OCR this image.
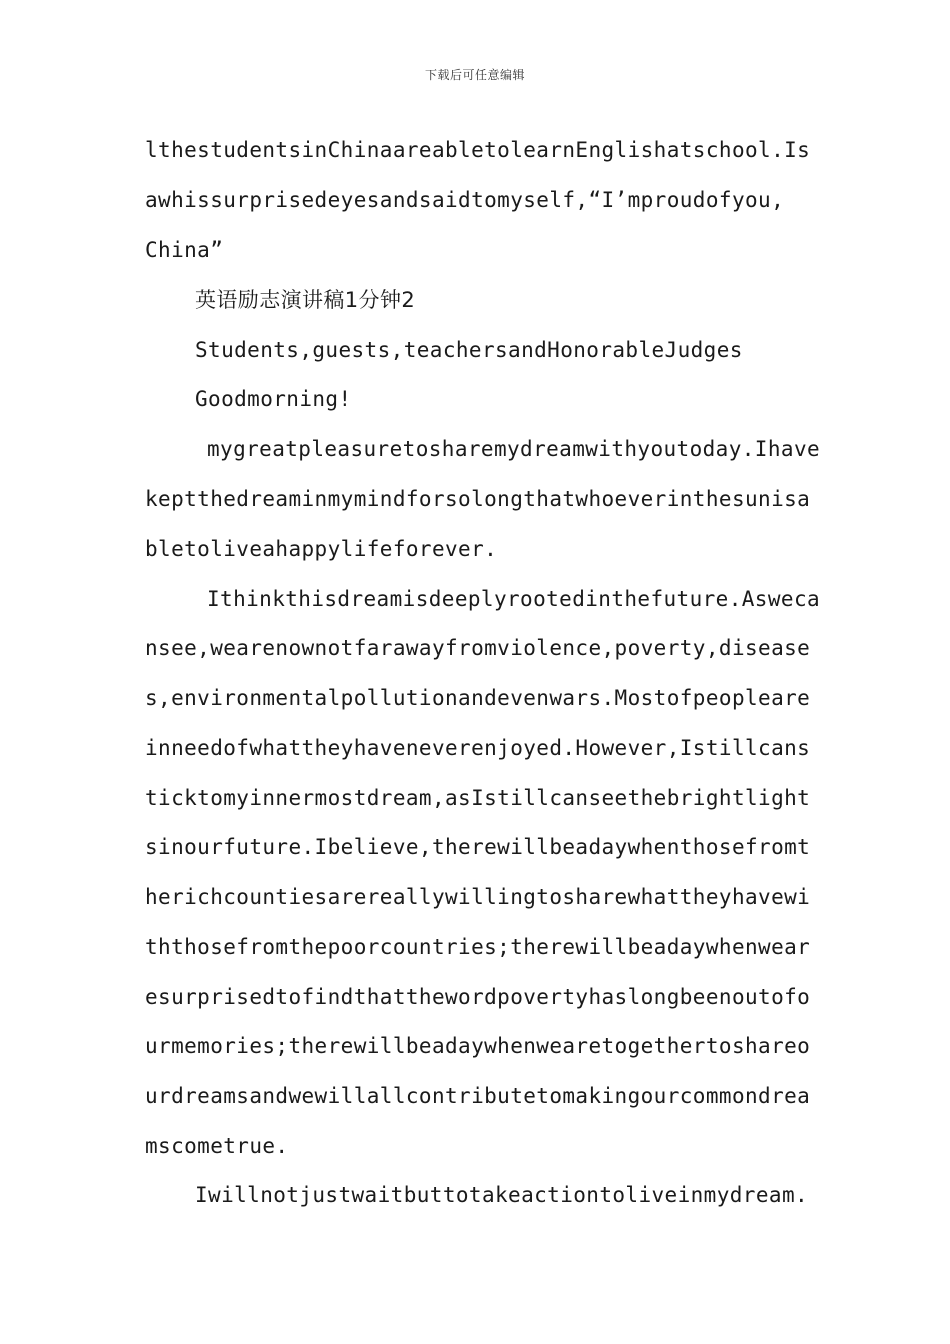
下载后可任意编辑
lthestudentsinChinaareabletolearnEnglishatschool.Is
awhissurprisedeyesandsaidtomyself,“I’mproudofyou,
China”
英语励志演讲稿1分钟2
Students,guests,teachersandHonorableJudges
Goodmorning!
mygreatpleasuretosharemydreamwithyoutoday.Ihave
keptthedreaminmymindforsolongthatwhoeverinthesunisa
bletoliveahappylifeforever.
Ithinkthisdreamisdeeplyrootedinthefuture.Asweca
nsee,wearenownotfarawayfromviolence,poverty,disease
s,environmentalpollutionandevenwars.Mostofpeopleare
inneedofwhattheyhaveneverenjoyed.However,Istillcans
ticktomyinnermostdream,asIstillcanseethebrightlight
sinourfuture.Ibelieve,therewillbeadaywhenthosefromt
herichcountiesarereallywillingtosharewhattheyhavewi
ththosefromthepoorcountries;therewillbeadaywhenwear
esurprisedtofindthatthewordpovertyhaslongbeenoutofo
urmemories;therewillbeadaywhenwearetogethertoshareo
urdreamsandwewillallcontributetomakingourcommondrea
mscometrue.
Iwillnotjustwaitbuttotakeactiontoliveinmydream.
